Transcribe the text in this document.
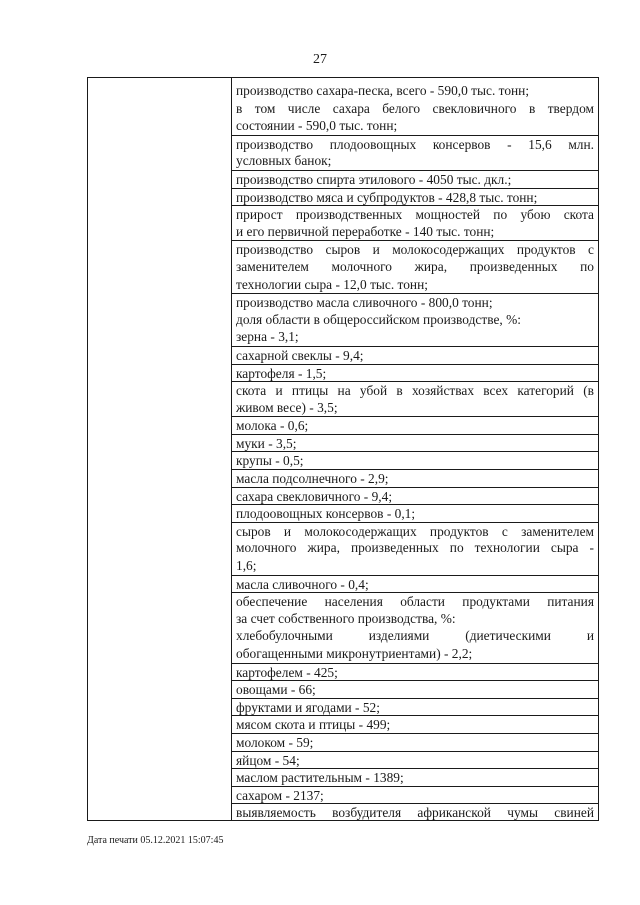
27
производство сахара-песка, всего - 590,0 тыс. тонн;
в том числе сахара белого свекловичного в твердом
состоянии - 590,0 тыс. тонн;
производство плодоовощных консервов - 15,6 млн.
условных банок;
производство спирта этилового - 4050 тыс. дкл.;
производство мяса и субпродуктов - 428,8 тыс. тонн;
прирост производственных мощностей по убою скота
и его первичной переработке - 140 тыс. тонн;
производство сыров и молокосодержащих продуктов с
заменителем молочного жира, произведенных по
технологии сыра - 12,0 тыс. тонн;
производство масла сливочного - 800,0 тонн;
доля области в общероссийском производстве, %:
зерна - 3,1;
сахарной свеклы - 9,4;
картофеля - 1,5;
скота и птицы на убой в хозяйствах всех категорий (в
живом весе) - 3,5;
молока - 0,6;
муки - 3,5;
крупы - 0,5;
масла подсолнечного - 2,9;
сахара свекловичного - 9,4;
плодоовощных консервов - 0,1;
сыров и молокосодержащих продуктов с заменителем
молочного жира, произведенных по технологии сыра -
1,6;
масла сливочного - 0,4;
обеспечение населения области продуктами питания
за счет собственного производства, %:
хлебобулочными изделиями (диетическими и
обогащенными микронутриентами) - 2,2;
картофелем - 425;
овощами - 66;
фруктами и ягодами - 52;
мясом скота и птицы - 499;
молоком - 59;
яйцом - 54;
маслом растительным - 1389;
сахаром - 2137;
выявляемость возбудителя африканской чумы свиней
Дата печати 05.12.2021 15:07:45
